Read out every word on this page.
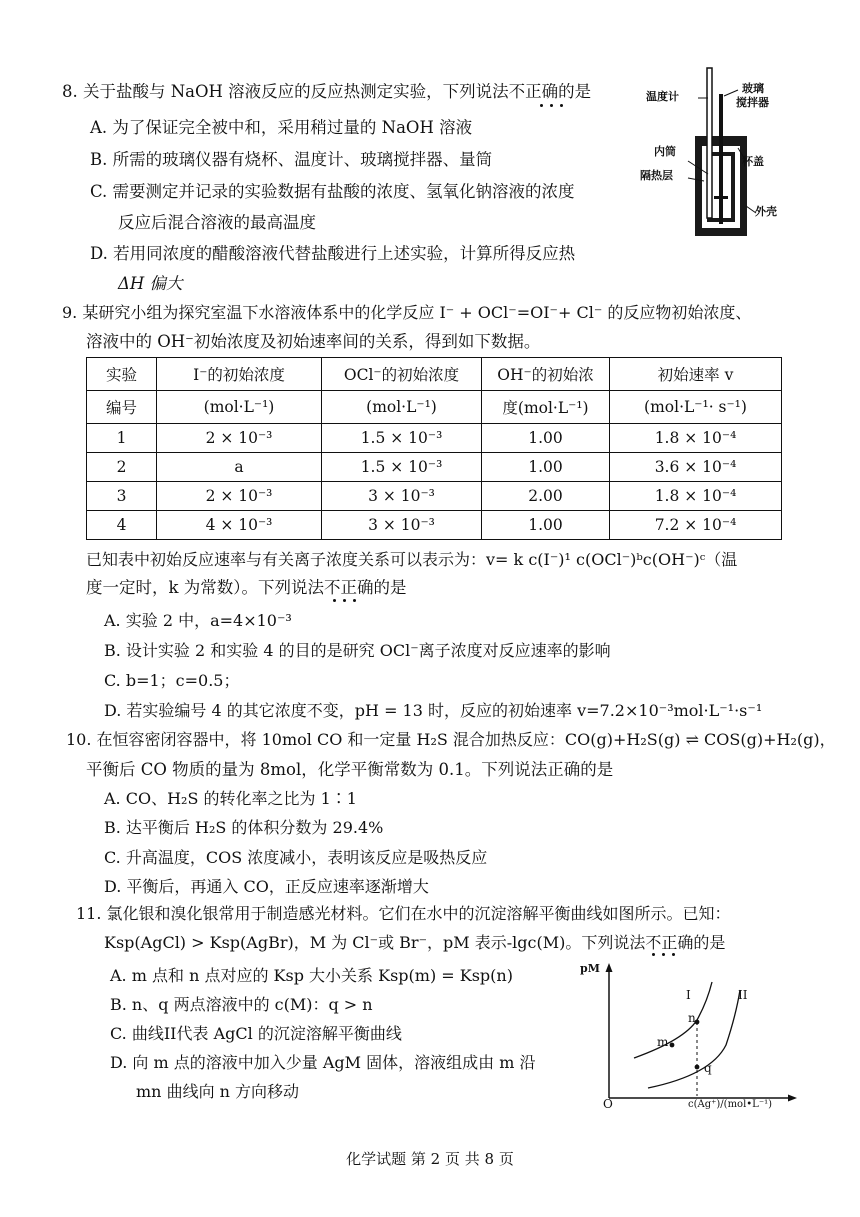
8. 关于盐酸与 NaOH 溶液反应的反应热测定实验，下列说法不正确的是
A. 为了保证完全被中和，采用稍过量的 NaOH 溶液
B. 所需的玻璃仪器有烧杯、温度计、玻璃搅拌器、量筒
C. 需要测定并记录的实验数据有盐酸的浓度、氢氧化钠溶液的浓度
反应后混合溶液的最高温度
D. 若用同浓度的醋酸溶液代替盐酸进行上述实验，计算所得反应热
ΔH 偏大
温度计
玻璃
搅拌器
内筒
隔热层
杯盖
外壳
9. 某研究小组为探究室温下水溶液体系中的化学反应 I⁻ + OCl⁻=OI⁻+ Cl⁻ 的反应物初始浓度、
溶液中的 OH⁻初始浓度及初始速率间的关系，得到如下数据。
实验	I⁻的初始浓度	OCl⁻的初始浓度	OH⁻的初始浓	初始速率 v
编号	(mol·L⁻¹)	(mol·L⁻¹)	度(mol·L⁻¹)	(mol·L⁻¹· s⁻¹)
1	2 × 10⁻³	1.5 × 10⁻³	1.00	1.8 × 10⁻⁴
2	a	1.5 × 10⁻³	1.00	3.6 × 10⁻⁴
3	2 × 10⁻³	3 × 10⁻³	2.00	1.8 × 10⁻⁴
4	4 × 10⁻³	3 × 10⁻³	1.00	7.2 × 10⁻⁴
已知表中初始反应速率与有关离子浓度关系可以表示为：v= k c(I⁻)¹ c(OCl⁻)ᵇc(OH⁻)ᶜ（温
度一定时，k 为常数）。下列说法不正确的是
A. 实验 2 中，a=4×10⁻³
B. 设计实验 2 和实验 4 的目的是研究 OCl⁻离子浓度对反应速率的影响
C. b=1；c=0.5；
D. 若实验编号 4 的其它浓度不变，pH = 13 时，反应的初始速率 v=7.2×10⁻³mol·L⁻¹·s⁻¹
10. 在恒容密闭容器中，将 10mol CO 和一定量 H₂S 混合加热反应：CO(g)+H₂S(g) ⇌ COS(g)+H₂(g)，
平衡后 CO 物质的量为 8mol，化学平衡常数为 0.1。下列说法正确的是
A. CO、H₂S 的转化率之比为 1∶1
B. 达平衡后 H₂S 的体积分数为 29.4%
C. 升高温度，COS 浓度减小，表明该反应是吸热反应
D. 平衡后，再通入 CO，正反应速率逐渐增大
11. 氯化银和溴化银常用于制造感光材料。它们在水中的沉淀溶解平衡曲线如图所示。已知：
Ksp(AgCl) > Ksp(AgBr)，M 为 Cl⁻或 Br⁻，pM 表示-lgc(M)。下列说法不正确的是
A. m 点和 n 点对应的 Ksp 大小关系 Ksp(m) = Ksp(n)
B. n、q 两点溶液中的 c(M)：q > n
C. 曲线II代表 AgCl 的沉淀溶解平衡曲线
D. 向 m 点的溶液中加入少量 AgM 固体，溶液组成由 m 沿
mn 曲线向 n 方向移动
pM
O	c(Ag⁺)/(mol•L⁻¹)
I	II
m
n
q
化学试题 第 2 页 共 8 页
